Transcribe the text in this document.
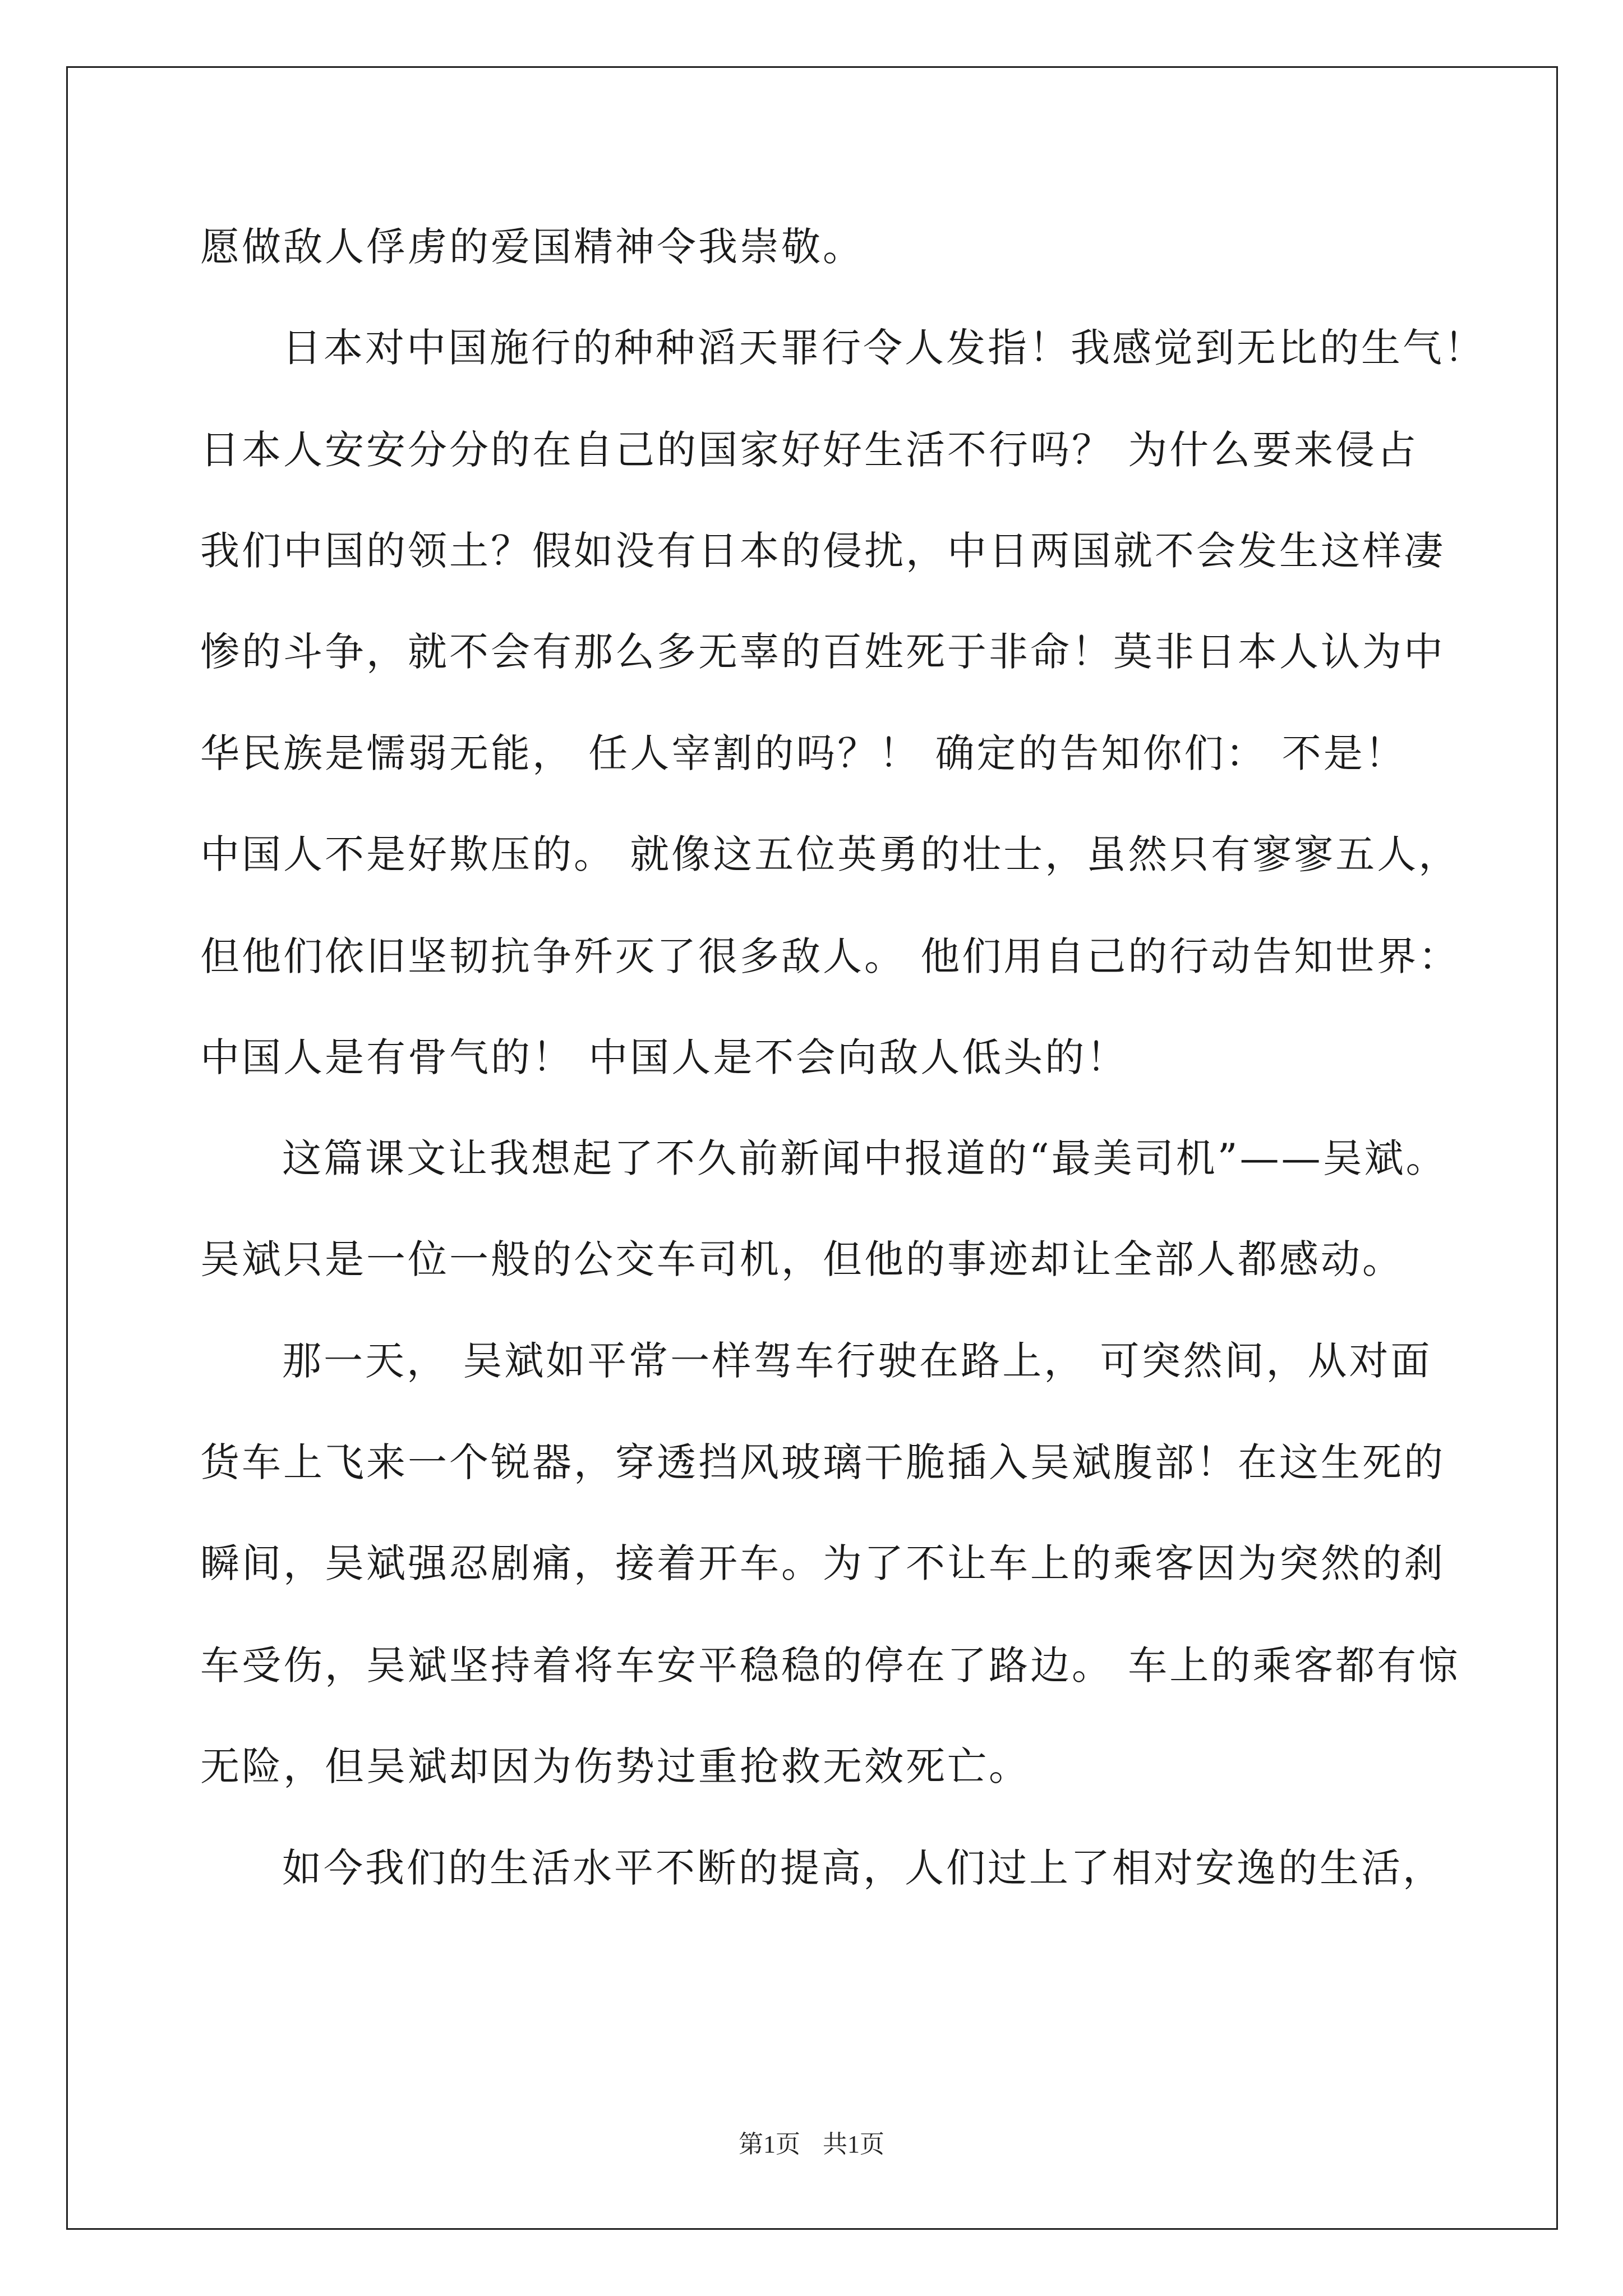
愿做敌人俘虏的爱国精神令我崇敬。
日本对中国施行的种种滔天罪行令人发指！我感觉到无比的生气！
日本人安安分分的在自己的国家好好生活不行吗？ 为什么要来侵占
我们中国的领土？假如没有日本的侵扰，中日两国就不会发生这样凄
惨的斗争，就不会有那么多无辜的百姓死于非命！莫非日本人认为中
华民族是懦弱无能， 任人宰割的吗？！ 确定的告知你们： 不是！
中国人不是好欺压的。 就像这五位英勇的壮士，虽然只有寥寥五人，
但他们依旧坚韧抗争歼灭了很多敌人。 他们用自己的行动告知世界：
中国人是有骨气的！ 中国人是不会向敌人低头的！
这篇课文让我想起了不久前新闻中报道的“最美司机”——吴斌。
吴斌只是一位一般的公交车司机，但他的事迹却让全部人都感动。
那一天， 吴斌如平常一样驾车行驶在路上， 可突然间，从对面
货车上飞来一个锐器，穿透挡风玻璃干脆插入吴斌腹部！在这生死的
瞬间，吴斌强忍剧痛，接着开车。为了不让车上的乘客因为突然的刹
车受伤，吴斌坚持着将车安平稳稳的停在了路边。 车上的乘客都有惊
无险，但吴斌却因为伤势过重抢救无效死亡。
如今我们的生活水平不断的提高，人们过上了相对安逸的生活，
第1页 共1页
